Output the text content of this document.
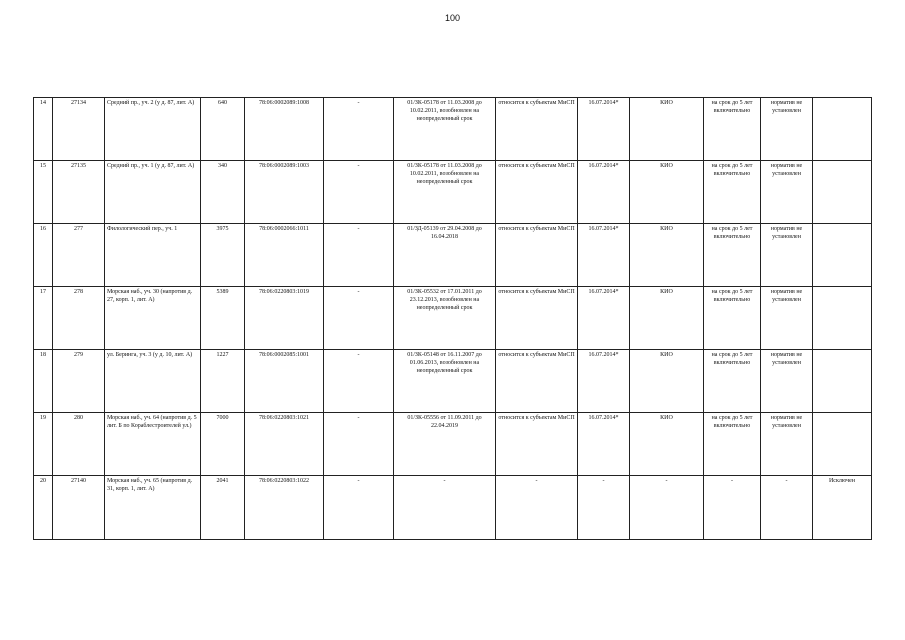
100
14	27134	Средний пр., уч. 2 (у д. 87, лит. А)	640	78:06:0002089:1008	-	01/ЗК-05178 от 11.03.2008 до 10.02.2011, возобновлен на неопределенный срок	относится к субъектам МиСП	16.07.2014*	КИО	на срок до 5 лет включительно	норматив не установлен	
15	27135	Средний пр., уч. 1 (у д. 87, лит. А)	340	78:06:0002089:1003	-	01/ЗК-05178 от 11.03.2008 до 10.02.2011, возобновлен на неопределенный срок	относится к субъектам МиСП	16.07.2014*	КИО	на срок до 5 лет включительно	норматив не установлен	
16	277	Филологический пер., уч. 1	3975	78:06:0002066:1011	-	01/ЗД-05139 от 29.04.2008 до 16.04.2018	относится к субъектам МиСП	16.07.2014*	КИО	на срок до 5 лет включительно	норматив не установлен	
17	278	Морская наб., уч. 30 (напротив д. 27, корп. 1, лит. А)	5389	78:06:0220803:1019	-	01/ЗК-05532 от 17.01.2011 до 23.12.2013, возобновлен на неопределенный срок	относится к субъектам МиСП	16.07.2014*	КИО	на срок до 5 лет включительно	норматив не установлен	
18	279	ул. Беринга, уч. 3 (у д. 10, лит. А)	1227	78:06:0002085:1001	-	01/ЗК-05148 от 16.11.2007 до 01.06.2013, возобновлен на неопределенный срок	относится к субъектам МиСП	16.07.2014*	КИО	на срок до 5 лет включительно	норматив не установлен	
19	280	Морская наб., уч. 64 (напротив д. 5 лит. Б по Кораблестроителей ул.)	7000	78:06:0220803:1021	-	01/ЗК-05556 от 11.09.2011 до 22.04.2019	относится к субъектам МиСП	16.07.2014*	КИО	на срок до 5 лет включительно	норматив не установлен	
20	27140	Морская наб., уч. 65 (напротив д. 31, корп. 1, лит. А)	2041	78:06:0220803:1022	-	-	-	-	-	-	-	Исключен
